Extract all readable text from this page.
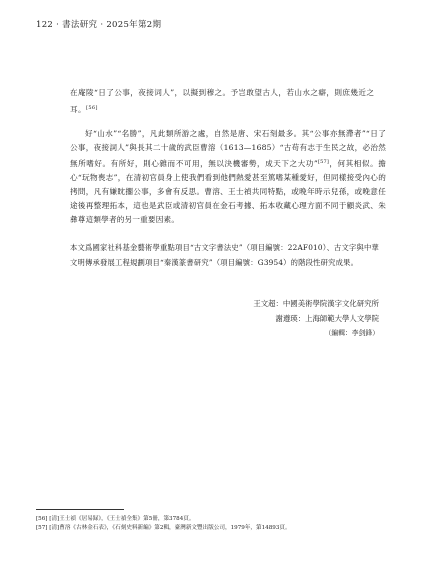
122 · 書法研究 · 2025年第2期

在庵陵“日了公事，夜接词人”，以擬到穆之。予岂敢望古人，若山水之癖，則庶幾近之耳。[56]

好“山水”“名勝”，凡此類所游之處，自然是唐、宋石刻最多。其“公事亦無滯者”“日了公事，夜接詞人”與長其二十歲的武臣曹溶（1613—1685）“古苟有志于生民之故，必治然無所嗜好。有所好，則心雜而不可用，無以決機審勢，成天下之大功”[57]，何其相似。擔心“玩物喪志”，在清初官員身上使我們看到他們熱愛甚至篤嗜某種愛好，但同樣接受內心的拷問，凡有嫌眈擱公事，多會有反思。曹溶、王士禎共同特點，或晚年時示兒孫，或晚意任途後再整理拓本，這也是武臣或清初官員在金石考據、拓本收藏心理方面不同于顧炎武、朱彝尊這類學者的另一重要因素。

本文爲國家社科基金藝術學重點項目“古文字書法史”（項目編號：22AF010）、古文字與中華文明傳承發展工程規劃項目“秦漢篆書研究”（項目編號：G3954）的階段性研究成果。

王文超：中國美術學院漢字文化研究所
謝遵瑛：上海師範大學人文學院
（編輯：李剑鋒）
[56] [清]王士禎《居易録》，《王士禎全集》第5冊，第3784頁。
[57] [清]曹溶《古林金石表》，《石刻史料新編》第2輯，臺灣新文豐出版公司，1979年，第14893頁。
